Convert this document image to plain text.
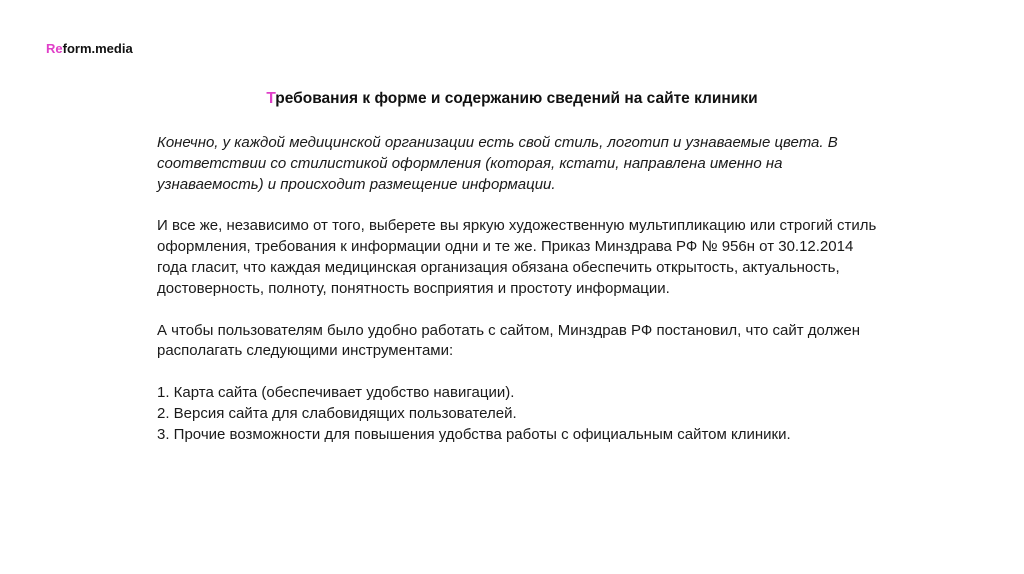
Reform.media
Требования к форме и содержанию сведений на сайте клиники

Конечно, у каждой медицинской организации есть свой стиль, логотип и узнаваемые цвета. В соответствии со стилистикой оформления (которая, кстати, направлена именно на узнаваемость) и происходит размещение информации.

И все же, независимо от того, выберете вы яркую художественную мультипликацию или строгий стиль оформления, требования к информации одни и те же. Приказ Минздрава РФ № 956н от 30.12.2014 года гласит, что каждая медицинская организация обязана обеспечить открытость, актуальность, достоверность, полноту, понятность восприятия и простоту информации.

А чтобы пользователям было удобно работать с сайтом, Минздрав РФ постановил, что сайт должен располагать следующими инструментами:

1. Карта сайта (обеспечивает удобство навигации).
2. Версия сайта для слабовидящих пользователей.
3. Прочие возможности для повышения удобства работы с официальным сайтом клиники.
